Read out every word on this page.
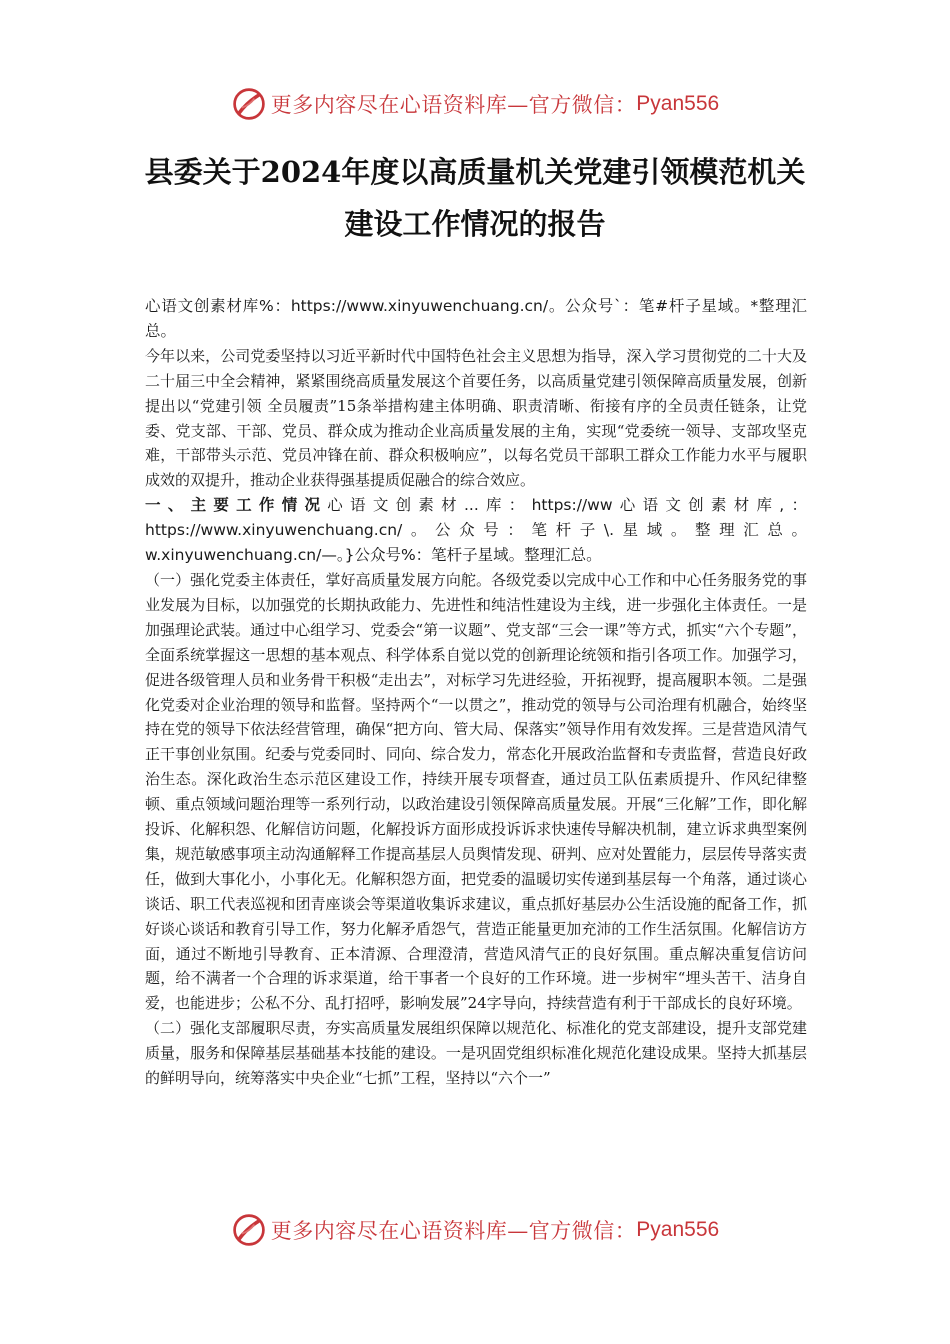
更多内容尽在心语资料库—官方微信： Pyan556
县委关于2024年度以高质量机关党建引领模范机关
建设工作情况的报告

心语文创素材库%：https://www.xinyuwenchuang.cn/。公众号`：笔#杆子星域。*整理汇总。

今年以来，公司党委坚持以习近平新时代中国特色社会主义思想为指导，深入学习贯彻党的二十大及二十届三中全会精神，紧紧围绕高质量发展这个首要任务，以高质量党建引领保障高质量发展，创新提出以“党建引领 全员履责”15条举措构建主体明确、职责清晰、衔接有序的全员责任链条，让党委、党支部、干部、党员、群众成为推动企业高质量发展的主角，实现“党委统一领导、支部攻坚克难，干部带头示范、党员冲锋在前、群众积极响应”，以每名党员干部职工群众工作能力水平与履职成效的双提升，推动企业获得强基提质促融合的综合效应。

一、主要工作情况心语文创素材...库：https://ww心语文创素材库,：https://www.xinyuwenchuang.cn/。公众号：笔杆子\.星域。整理汇总。w.xinyuwenchuang.cn/—。}公众号%：笔杆子星域。整理汇总。

（一）强化党委主体责任，掌好高质量发展方向舵。各级党委以完成中心工作和中心任务服务党的事业发展为目标，以加强党的长期执政能力、先进性和纯洁性建设为主线，进一步强化主体责任。一是加强理论武装。通过中心组学习、党委会“第一议题”、党支部“三会一课”等方式，抓实“六个专题”，全面系统掌握这一思想的基本观点、科学体系自觉以党的创新理论统领和指引各项工作。加强学习，促进各级管理人员和业务骨干积极“走出去”，对标学习先进经验，开拓视野，提高履职本领。二是强化党委对企业治理的领导和监督。坚持两个“一以贯之”，推动党的领导与公司治理有机融合，始终坚持在党的领导下依法经营管理，确保“把方向、管大局、保落实”领导作用有效发挥。三是营造风清气正干事创业氛围。纪委与党委同时、同向、综合发力，常态化开展政治监督和专责监督，营造良好政治生态。深化政治生态示范区建设工作，持续开展专项督查，通过员工队伍素质提升、作风纪律整顿、重点领域问题治理等一系列行动，以政治建设引领保障高质量发展。开展“三化解”工作，即化解投诉、化解积怨、化解信访问题，化解投诉方面形成投诉诉求快速传导解决机制，建立诉求典型案例集，规范敏感事项主动沟通解释工作提高基层人员舆情发现、研判、应对处置能力，层层传导落实责任，做到大事化小，小事化无。化解积怨方面，把党委的温暖切实传递到基层每一个角落，通过谈心谈话、职工代表巡视和团青座谈会等渠道收集诉求建议，重点抓好基层办公生活设施的配备工作，抓好谈心谈话和教育引导工作，努力化解矛盾怨气，营造正能量更加充沛的工作生活氛围。化解信访方面，通过不断地引导教育、正本清源、合理澄清，营造风清气正的良好氛围。重点解决重复信访问题，给不满者一个合理的诉求渠道，给干事者一个良好的工作环境。进一步树牢“埋头苦干、洁身自爱，也能进步；公私不分、乱打招呼，影响发展”24字导向，持续营造有利于干部成长的良好环境。

（二）强化支部履职尽责，夯实高质量发展组织保障以规范化、标准化的党支部建设，提升支部党建质量，服务和保障基层基础基本技能的建设。一是巩固党组织标准化规范化建设成果。坚持大抓基层的鲜明导向，统筹落实中央企业“七抓”工程，坚持以“六个一”

更多内容尽在心语资料库—官方微信： Pyan556
